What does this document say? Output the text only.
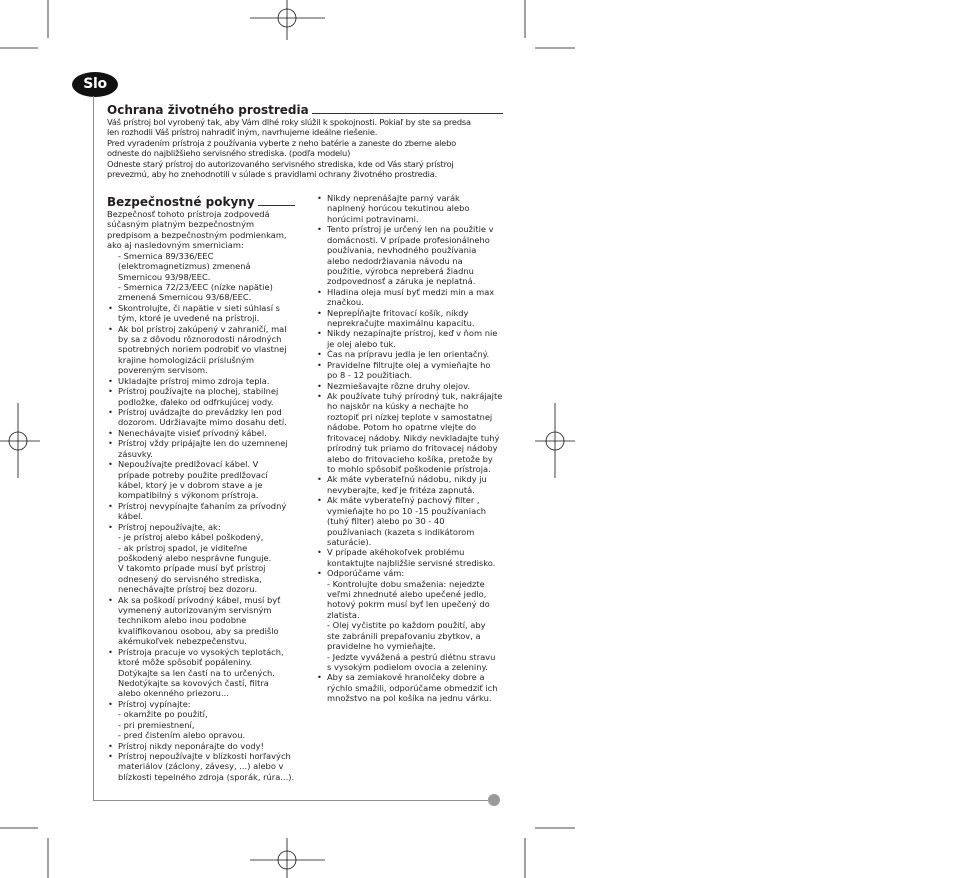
Slo
Ochrana životného prostredia
Váš prístroj bol vyrobený tak, aby Vám dlhé roky slúžil k spokojnosti. Pokiaľ by ste sa predsa
len rozhodli Váš prístroj nahradiť iným, navrhujeme ideálne riešenie.
Pred vyradením prístroja z používania vyberte z neho batérie a zaneste do zberne alebo
odneste do najbližšieho servisného strediska. (podľa modelu)
Odneste starý prístroj do autorizovaného servisného strediska, kde od Vás starý prístroj
prevezmú, aby ho znehodnotili v súlade s pravidlami ochrany životného prostredia.
Bezpečnostné pokyny
Bezpečnosť tohoto prístroja zodpovedá
súčasným platným bezpečnostným
predpisom a bezpečnostným podmienkam,
ako aj nasledovným smerniciam:
- Smernica 89/336/EEC
(elektromagnetizmus) zmenená
Smernicou 93/98/EEC.
- Smernica 72/23/EEC (nízke napätie)
zmenená Smernicou 93/68/EEC.
• Skontrolujte, či napätie v sieti súhlasí s
tým, ktoré je uvedené na prístroji.
• Ak bol prístroj zakúpený v zahraničí, mal
by sa z dôvodu rôznorodosti národných
spotrebných noriem podrobiť vo vlastnej
krajine homologizácii príslušným
povereným servisom.
• Ukladajte prístroj mimo zdroja tepla.
• Prístroj používajte na plochej, stabilnej
podložke, ďaleko od odfrkujúcej vody.
• Prístroj uvádzajte do prevádzky len pod
dozorom. Udržiavajte mimo dosahu detí.
• Nenechávajte visieť prívodný kábel.
• Prístroj vždy pripájajte len do uzemnenej
zásuvky.
• Nepoužívajte predlžovací kábel. V
prípade potreby použite predlžovací
kábel, ktorý je v dobrom stave a je
kompatibilný s výkonom prístroja.
• Prístroj nevypínajte ťahaním za prívodný
kábel.
• Prístroj nepoužívajte, ak:
- je prístroj alebo kábel poškodený,
- ak prístroj spadol, je viditeľne
poškodený alebo nesprávne funguje.
V takomto prípade musí byť prístroj
odnesený do servisného strediska,
nenechávajte prístroj bez dozoru.
• Ak sa poškodí prívodný kábel, musí byť
vymenený autorizovaným servisným
technikom alebo inou podobne
kvalifikovanou osobou, aby sa predišlo
akémukoľvek nebezpečenstvu.
• Prístroja pracuje vo vysokých teplotách,
ktoré môže spôsobiť popáleniny.
Dotýkajte sa len častí na to určených.
Nedotýkajte sa kovových častí, filtra
alebo okenného priezoru...
• Prístroj vypínajte:
- okamžite po použití,
- pri premiestnení,
- pred čistením alebo opravou.
• Prístroj nikdy neponárajte do vody!
• Prístroj nepoužívajte v blízkosti horľavých
materiálov (záclony, závesy, ...) alebo v
blízkosti tepelného zdroja (sporák, rúra...).
• Nikdy neprenášajte parný varák
naplnený horúcou tekutinou alebo
horúcimi potravinami.
• Tento prístroj je určený len na použitie v
domácnosti. V prípade profesionálneho
používania, nevhodného používania
alebo nedodržiavania návodu na
použitie, výrobca nepreberá žiadnu
zodpovednosť a záruka je neplatná.
• Hladina oleja musí byť medzi min a max
značkou.
• Neprepĺňajte fritovací košík, nikdy
neprekračujte maximálnu kapacitu.
• Nikdy nezapínajte prístroj, keď v ňom nie
je olej alebo tuk.
• Čas na prípravu jedla je len orientačný.
• Pravidelne filtrujte olej a vymieňajte ho
po 8 - 12 použitiach.
• Nezmiešavajte rôzne druhy olejov.
• Ak používate tuhý prírodný tuk, nakrájajte
ho najskôr na kúsky a nechajte ho
roztopiť pri nízkej teplote v samostatnej
nádobe. Potom ho opatrne vlejte do
fritovacej nádoby. Nikdy nevkladajte tuhý
prírodný tuk priamo do fritovacej nádoby
alebo do fritovacieho košíka, pretože by
to mohlo spôsobiť poškodenie prístroja.
• Ak máte vyberateľnú nádobu, nikdy ju
nevyberajte, keď je fritéza zapnutá.
• Ak máte vyberateľný pachový filter ,
vymieňajte ho po 10 -15 používaniach
(tuhý filter) alebo po 30 - 40
používaniach (kazeta s indikátorom
saturácie).
• V prípade akéhokoľvek problému
kontaktujte najbližšie servisné stredisko.
• Odporúčame vám:
- Kontrolujte dobu smaženia: nejedzte
veľmi zhnednuté alebo upečené jedlo,
hotový pokrm musí byť len upečený do
zlatista.
- Olej vyčistite po každom použití, aby
ste zabránili prepaľovaniu zbytkov, a
pravidelne ho vymieňajte.
- Jedzte vyvážená a pestrú diétnu stravu
s vysokým podielom ovocia a zeleniny.
• Aby sa zemiakové hranolčeky dobre a
rýchlo smažili, odporúčame obmedziť ich
množstvo na pol košíka na jednu várku.
